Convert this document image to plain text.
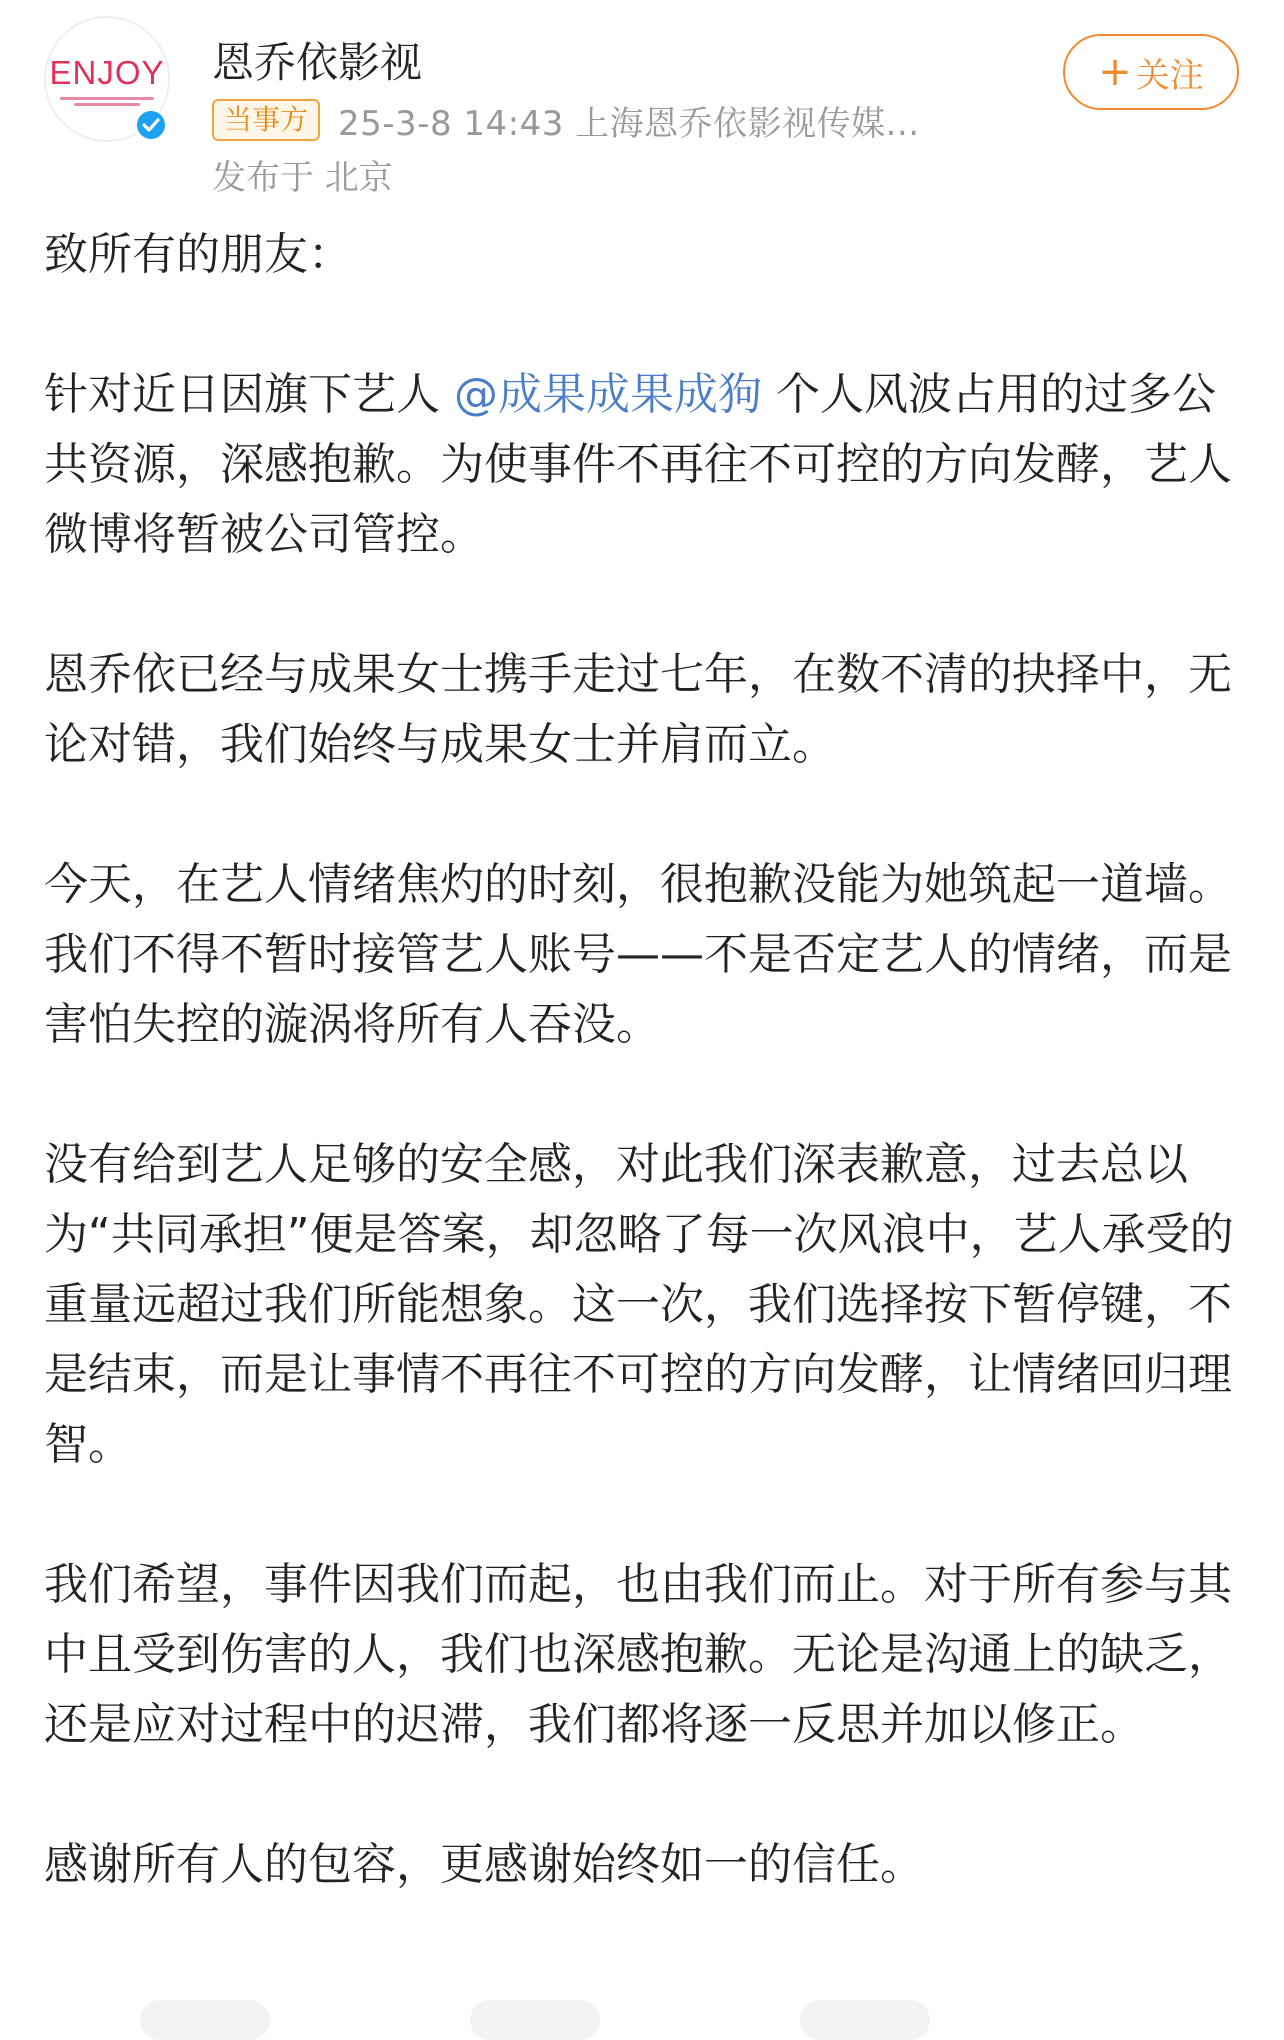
ENJOY 恩乔依影视
当事方 25-3-8 14:43 上海恩乔依影视传媒...
发布于 北京
+ 关注

致所有的朋友：

针对近日因旗下艺人 @成果成果成狗 个人风波占用的过多公共资源，深感抱歉。为使事件不再往不可控的方向发酵，艺人微博将暂被公司管控。

恩乔依已经与成果女士携手走过七年，在数不清的抉择中，无论对错，我们始终与成果女士并肩而立。

今天，在艺人情绪焦灼的时刻，很抱歉没能为她筑起一道墙。我们不得不暂时接管艺人账号——不是否定艺人的情绪，而是害怕失控的漩涡将所有人吞没。

没有给到艺人足够的安全感，对此我们深表歉意，过去总以为“共同承担”便是答案，却忽略了每一次风浪中，艺人承受的重量远超过我们所能想象。这一次，我们选择按下暂停键，不是结束，而是让事情不再往不可控的方向发酵，让情绪回归理智。

我们希望，事件因我们而起，也由我们而止。对于所有参与其中且受到伤害的人，我们也深感抱歉。无论是沟通上的缺乏，还是应对过程中的迟滞，我们都将逐一反思并加以修正。

感谢所有人的包容，更感谢始终如一的信任。
